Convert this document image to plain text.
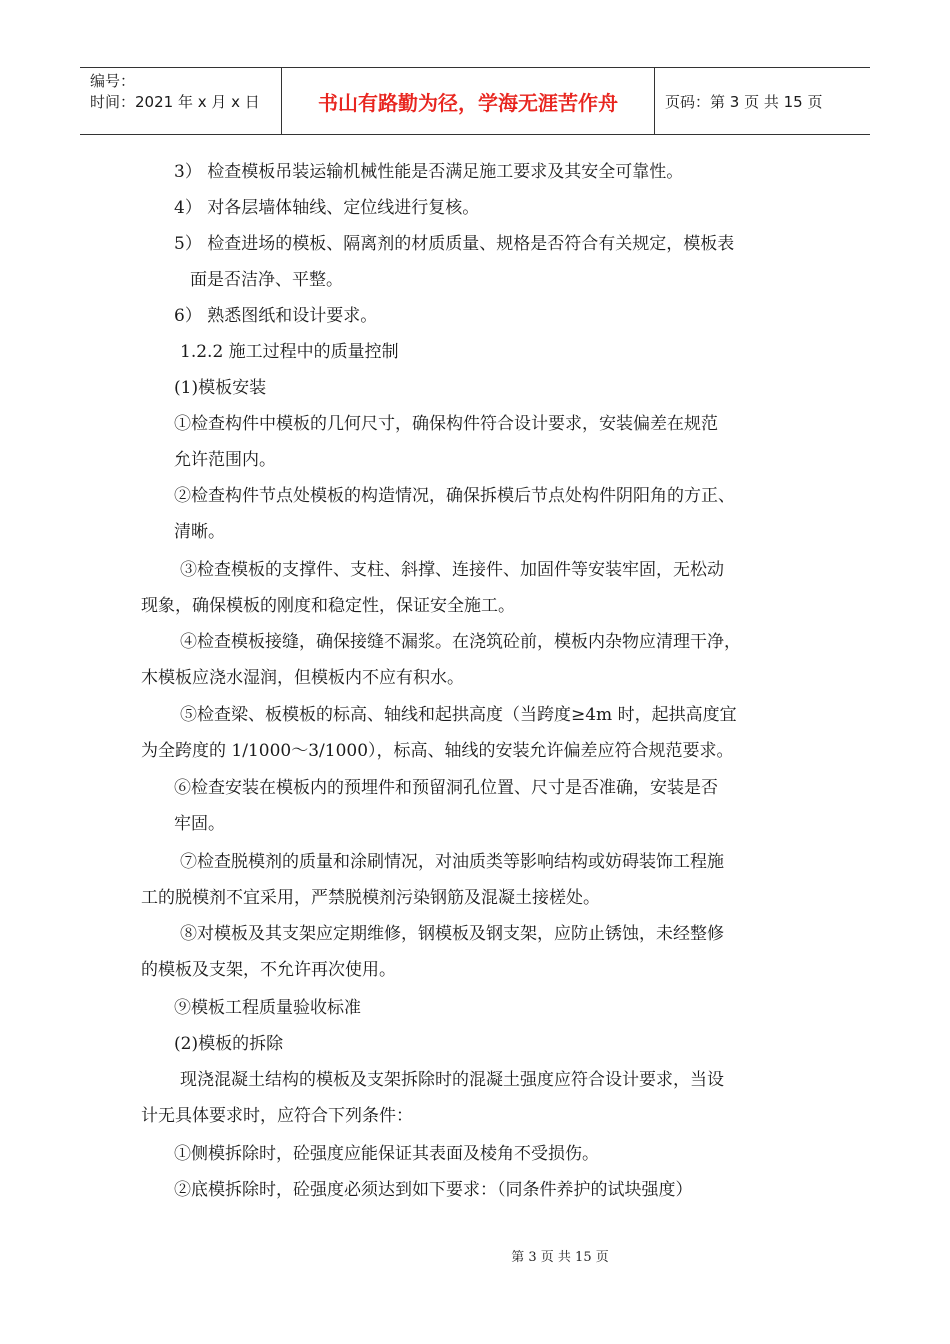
编号：
时间：2021 年 x 月 x 日	书山有路勤为径，学海无涯苦作舟	页码：第 3 页 共 15 页
3） 检查模板吊装运输机械性能是否满足施工要求及其安全可靠性。
4） 对各层墙体轴线、定位线进行复核。
5） 检查进场的模板、隔离剂的材质质量、规格是否符合有关规定，模板表
面是否洁净、平整。
6） 熟悉图纸和设计要求。
1.2.2 施工过程中的质量控制
(1)模板安装
①检查构件中模板的几何尺寸，确保构件符合设计要求，安装偏差在规范
允许范围内。
②检查构件节点处模板的构造情况，确保拆模后节点处构件阴阳角的方正、
清晰。
③检查模板的支撑件、支柱、斜撑、连接件、加固件等安装牢固，无松动
现象，确保模板的刚度和稳定性，保证安全施工。
④检查模板接缝，确保接缝不漏浆。在浇筑砼前，模板内杂物应清理干净，
木模板应浇水湿润，但模板内不应有积水。
⑤检查梁、板模板的标高、轴线和起拱高度（当跨度≥4m 时，起拱高度宜
为全跨度的 1/1000～3/1000），标高、轴线的安装允许偏差应符合规范要求。
⑥检查安装在模板内的预埋件和预留洞孔位置、尺寸是否准确，安装是否
牢固。
⑦检查脱模剂的质量和涂刷情况，对油质类等影响结构或妨碍装饰工程施
工的脱模剂不宜采用，严禁脱模剂污染钢筋及混凝土接槎处。
⑧对模板及其支架应定期维修，钢模板及钢支架，应防止锈蚀，未经整修
的模板及支架，不允许再次使用。
⑨模板工程质量验收标准
(2)模板的拆除
现浇混凝土结构的模板及支架拆除时的混凝土强度应符合设计要求，当设
计无具体要求时，应符合下列条件：
①侧模拆除时，砼强度应能保证其表面及棱角不受损伤。
②底模拆除时，砼强度必须达到如下要求：（同条件养护的试块强度）
第 3 页 共 15 页
